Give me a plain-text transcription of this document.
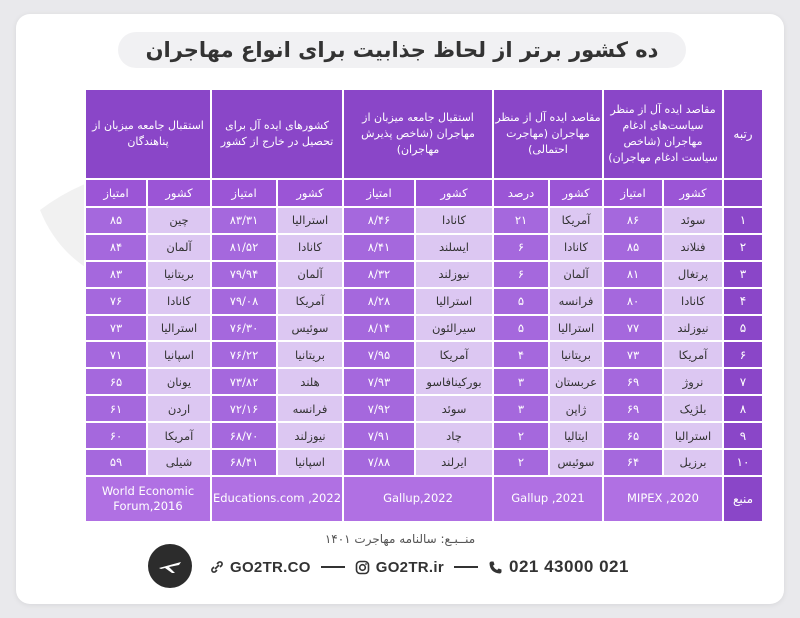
ده کشور برتر از لحاظ جذابیت برای انواع مهاجران
رتبه	مقاصد ایده آل از منظر سیاست‌های ادغام مهاجران (شاخص سیاست ادغام مهاجران)		مقاصد ایده آل از منظر مهاجران (مهاجرت احتمالی)		استقبال جامعه میزبان از مهاجران (شاخص پذیرش مهاجران)		کشورهای ایده آل برای تحصیل در خارج از کشور		استقبال جامعه میزبان از پناهندگان	
	کشور	امتیاز	کشور	درصد	کشور	امتیاز	کشور	امتیاز	کشور	امتیاز
۱	سوئد	۸۶	آمریکا	۲۱	کانادا	۸/۴۶	استرالیا	۸۳/۳۱	چین	۸۵
۲	فنلاند	۸۵	کانادا	۶	ایسلند	۸/۴۱	کانادا	۸۱/۵۲	آلمان	۸۴
۳	پرتغال	۸۱	آلمان	۶	نیوزلند	۸/۳۲	آلمان	۷۹/۹۴	بریتانیا	۸۳
۴	کانادا	۸۰	فرانسه	۵	استرالیا	۸/۲۸	آمریکا	۷۹/۰۸	کانادا	۷۶
۵	نیوزلند	۷۷	استرالیا	۵	سیرالئون	۸/۱۴	سوئیس	۷۶/۳۰	استرالیا	۷۳
۶	آمریکا	۷۳	بریتانیا	۴	آمریکا	۷/۹۵	بریتانیا	۷۶/۲۲	اسپانیا	۷۱
۷	نروژ	۶۹	عربستان	۳	بورکینافاسو	۷/۹۳	هلند	۷۳/۸۲	یونان	۶۵
۸	بلژیک	۶۹	ژاپن	۳	سوئد	۷/۹۲	فرانسه	۷۲/۱۶	اردن	۶۱
۹	استرالیا	۶۵	ایتالیا	۲	چاد	۷/۹۱	نیوزلند	۶۸/۷۰	آمریکا	۶۰
۱۰	برزیل	۶۴	سوئیس	۲	ایرلند	۷/۸۸	اسپانیا	۶۸/۴۱	شیلی	۵۹
منبع	MIPEX ,2020		Gallup ,2021		Gallup,2022		Educations.com ,2022		World Economic Forum,2016	
منــبـع: سالنامه مهاجرت ۱۴۰۱
GO2TR.CO	GO2TR.ir	021 43000 021
